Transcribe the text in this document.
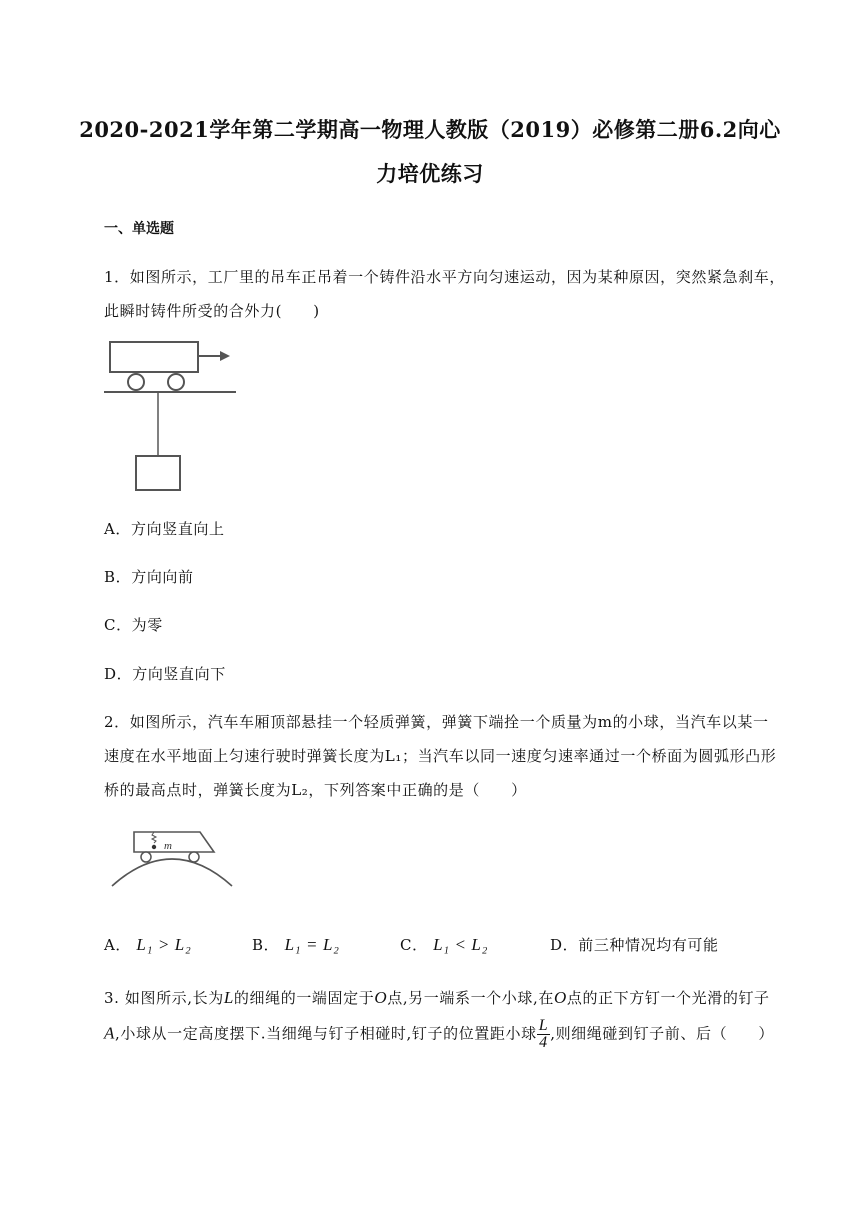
2020-2021学年第二学期高一物理人教版（2019）必修第二册6.2向心
力培优练习
一、单选题
1．如图所示，工厂里的吊车正吊着一个铸件沿水平方向匀速运动，因为某种原因，突然紧急刹车，
此瞬时铸件所受的合外力(　　)
A．方向竖直向上
B．方向向前
C．为零
D．方向竖直向下
2．如图所示，汽车车厢顶部悬挂一个轻质弹簧，弹簧下端拴一个质量为m的小球，当汽车以某一
速度在水平地面上匀速行驶时弹簧长度为L₁；当汽车以同一速度匀速率通过一个桥面为圆弧形凸形
桥的最高点时，弹簧长度为L₂，下列答案中正确的是（　　）
m
A． L₁ > L₂	B． L₁ = L₂	C． L₁ < L₂	D．前三种情况均有可能
3. 如图所示,长为L的细绳的一端固定于O点,另一端系一个小球,在O点的正下方钉一个光滑的钉子
A,小球从一定高度摆下.当细绳与钉子相碰时,钉子的位置距小球 $\frac{L}{4}$ ,则细绳碰到钉子前、后（　　）
